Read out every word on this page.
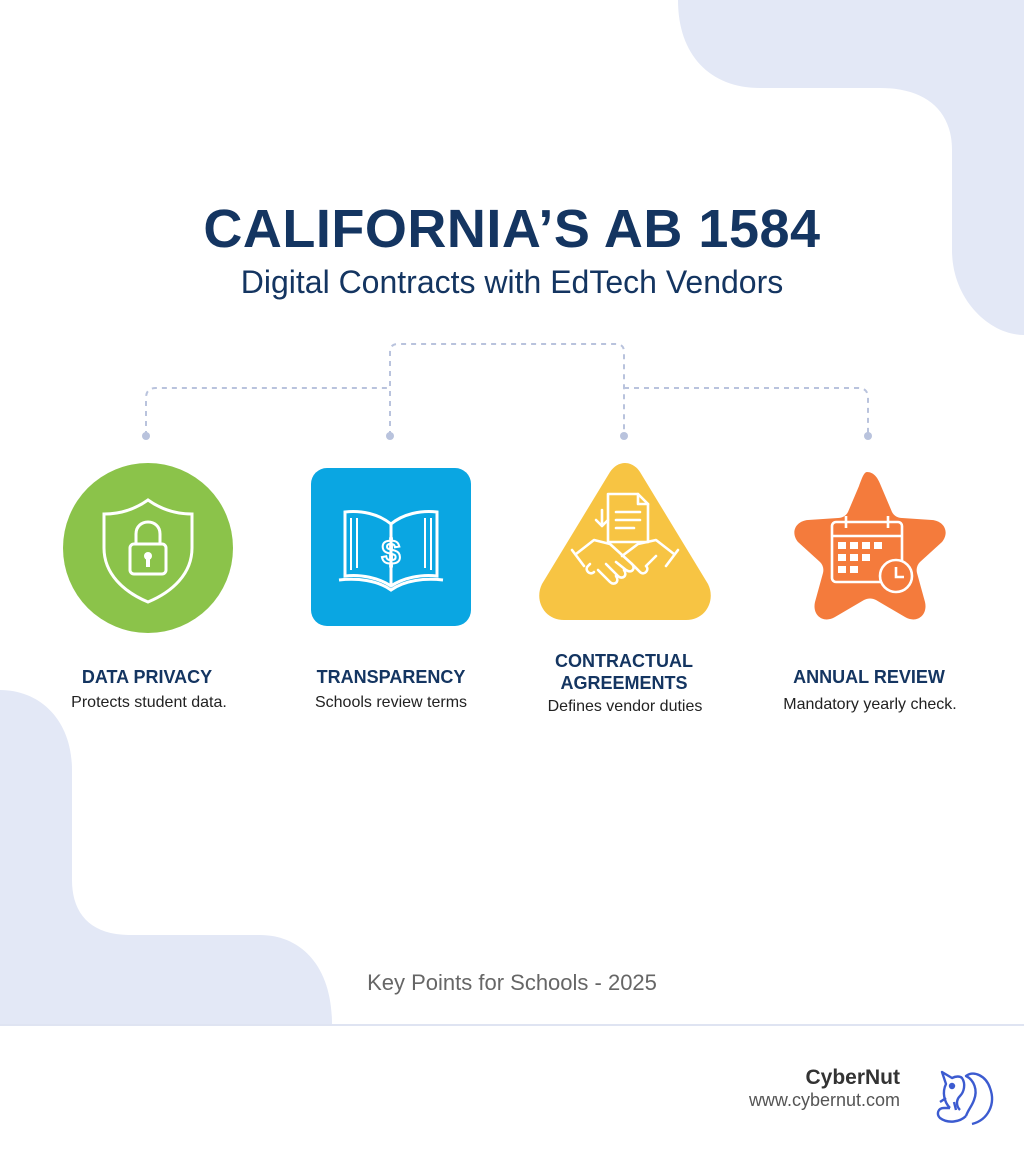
CALIFORNIA’S AB 1584
Digital Contracts with EdTech Vendors
DATA PRIVACY
Protects student data.
$
TRANSPARENCY
Schools review terms
CONTRACTUAL
AGREEMENTS
Defines vendor duties
ANNUAL REVIEW
Mandatory yearly check.
Key Points for Schools - 2025
CyberNut
www.cybernut.com
